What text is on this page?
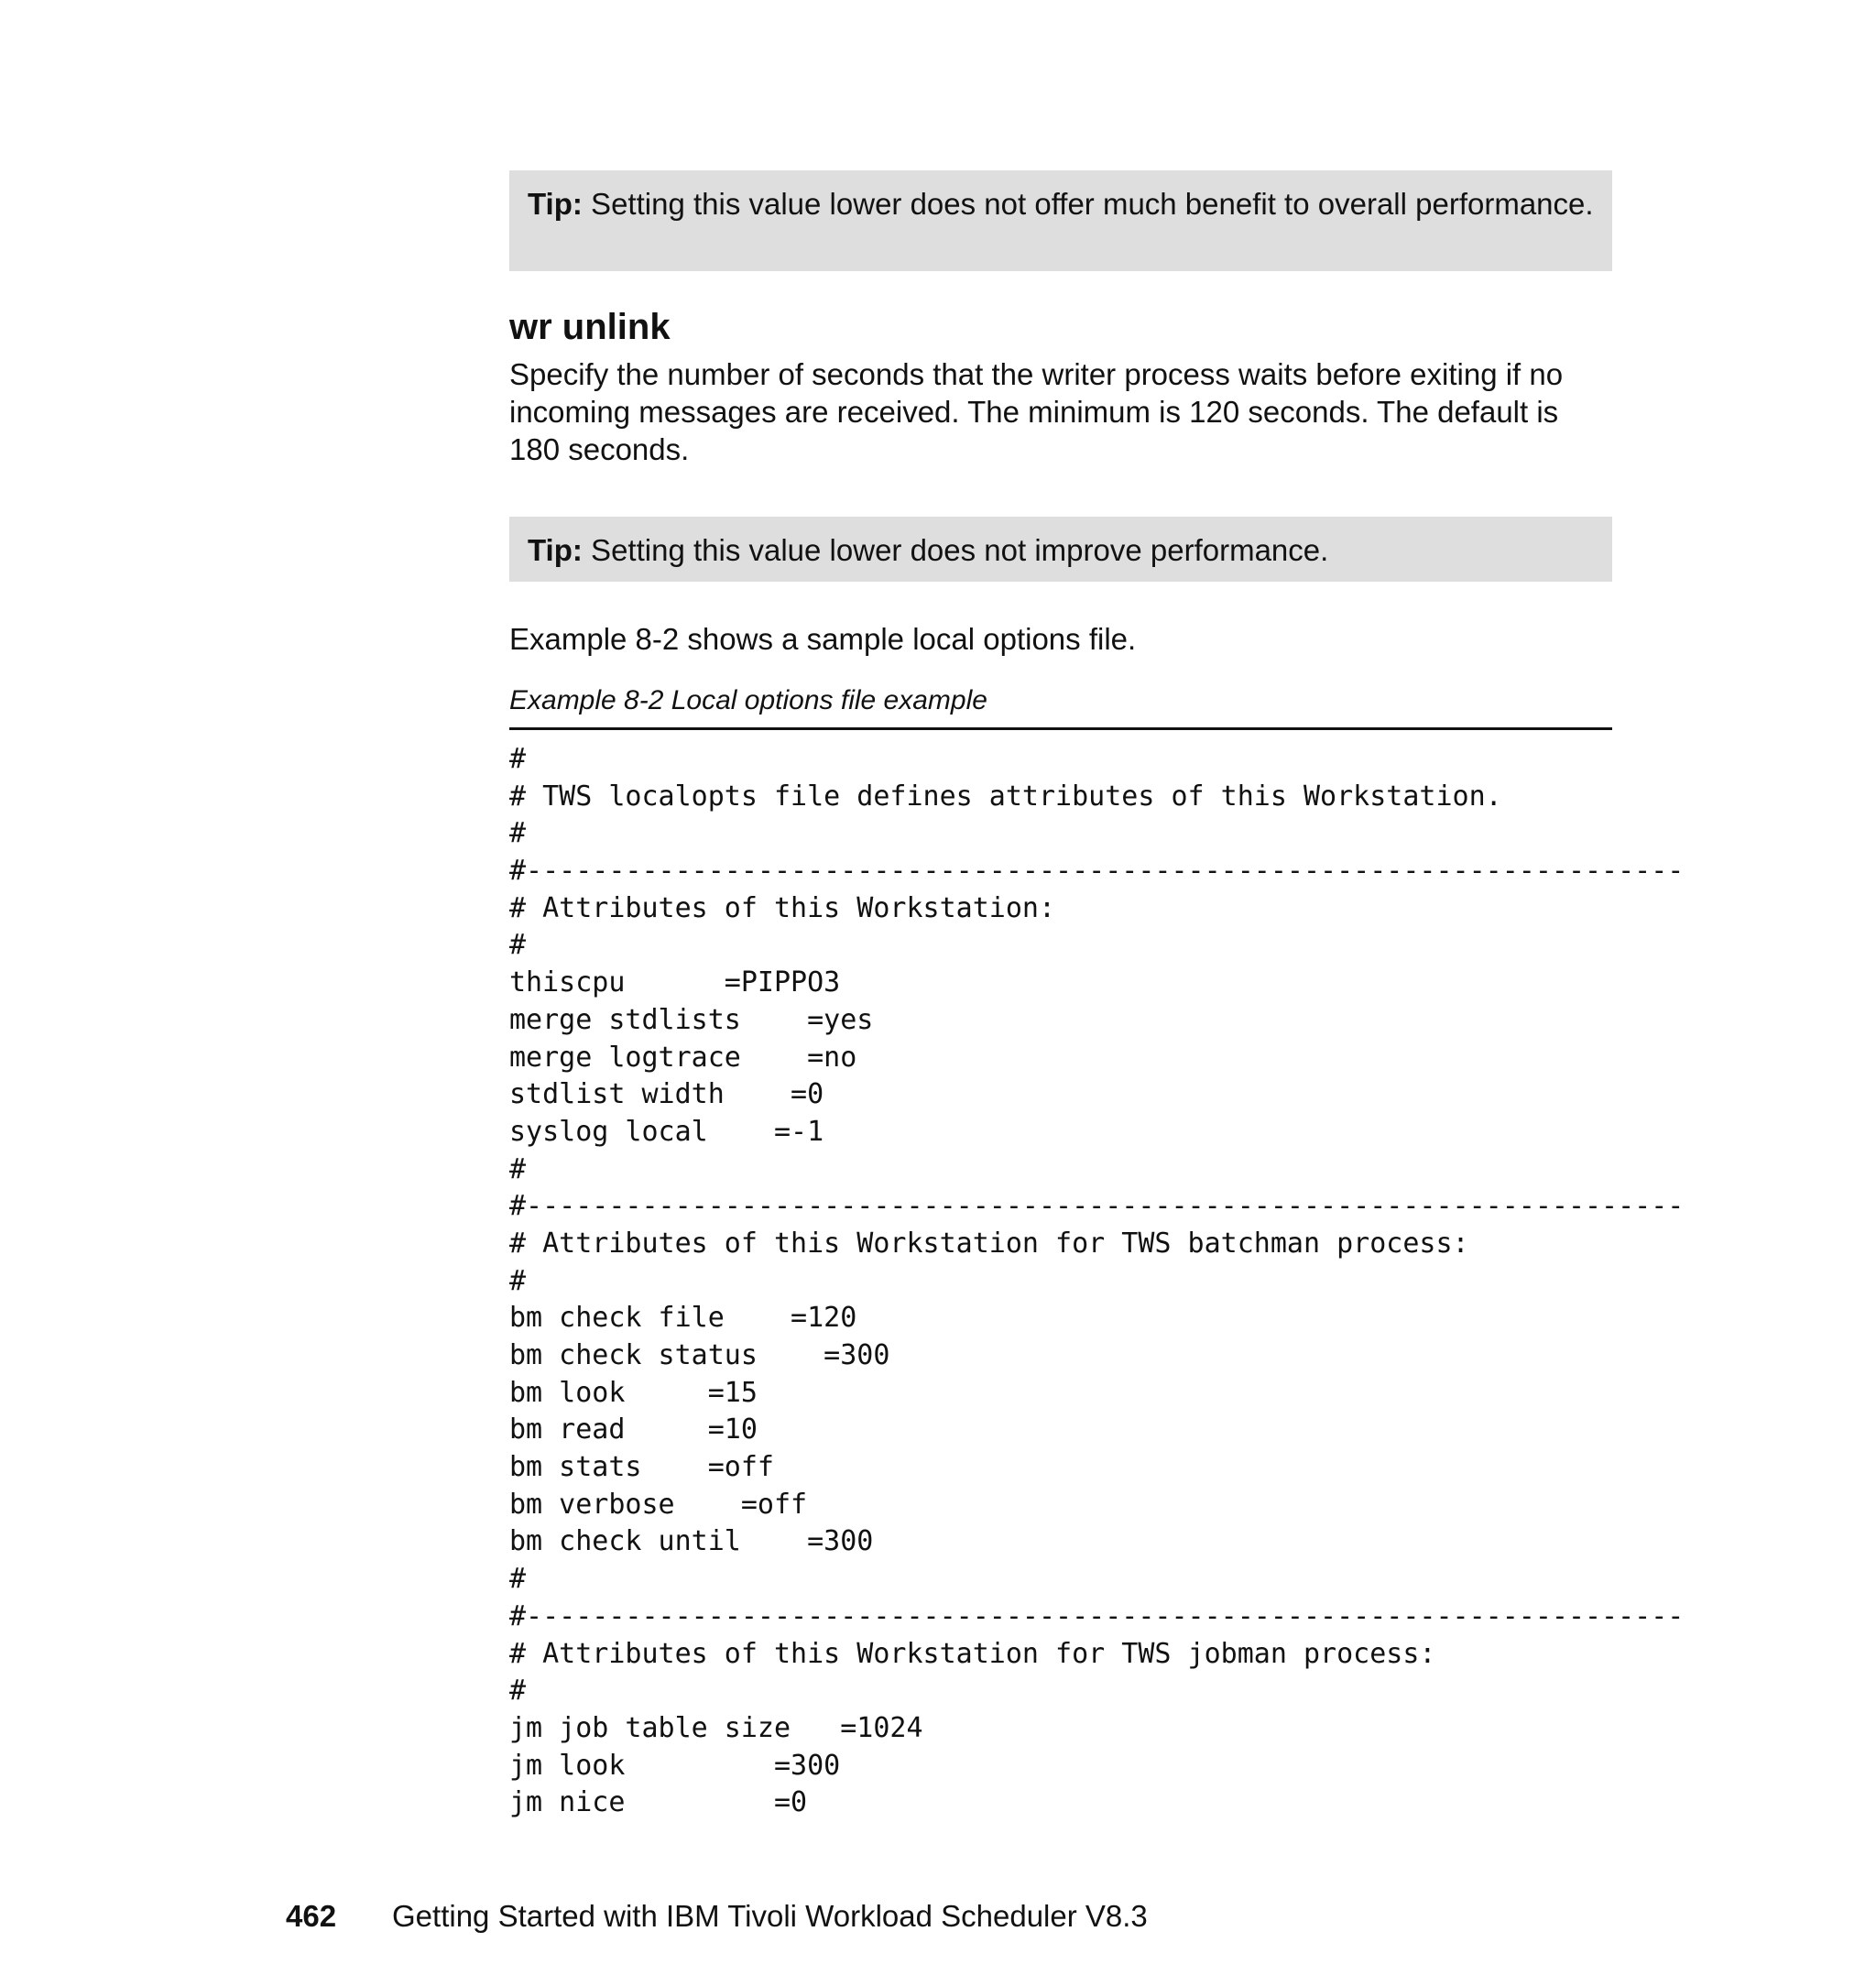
Tip: Setting this value lower does not offer much benefit to overall performance.
wr unlink
Specify the number of seconds that the writer process waits before exiting if no incoming messages are received. The minimum is 120 seconds. The default is 180 seconds.
Tip: Setting this value lower does not improve performance.
Example 8-2 shows a sample local options file.
Example 8-2 Local options file example
#
# TWS localopts file defines attributes of this Workstation.
#
#----------------------------------------------------------------------
# Attributes of this Workstation:
#
thiscpu      =PIPPO3
merge stdlists    =yes
merge logtrace    =no
stdlist width    =0
syslog local    =-1
#
#----------------------------------------------------------------------
# Attributes of this Workstation for TWS batchman process:
#
bm check file    =120
bm check status    =300
bm look     =15
bm read     =10
bm stats    =off
bm verbose    =off
bm check until    =300
#
#----------------------------------------------------------------------
# Attributes of this Workstation for TWS jobman process:
#
jm job table size   =1024
jm look         =300
jm nice         =0
462 Getting Started with IBM Tivoli Workload Scheduler V8.3
